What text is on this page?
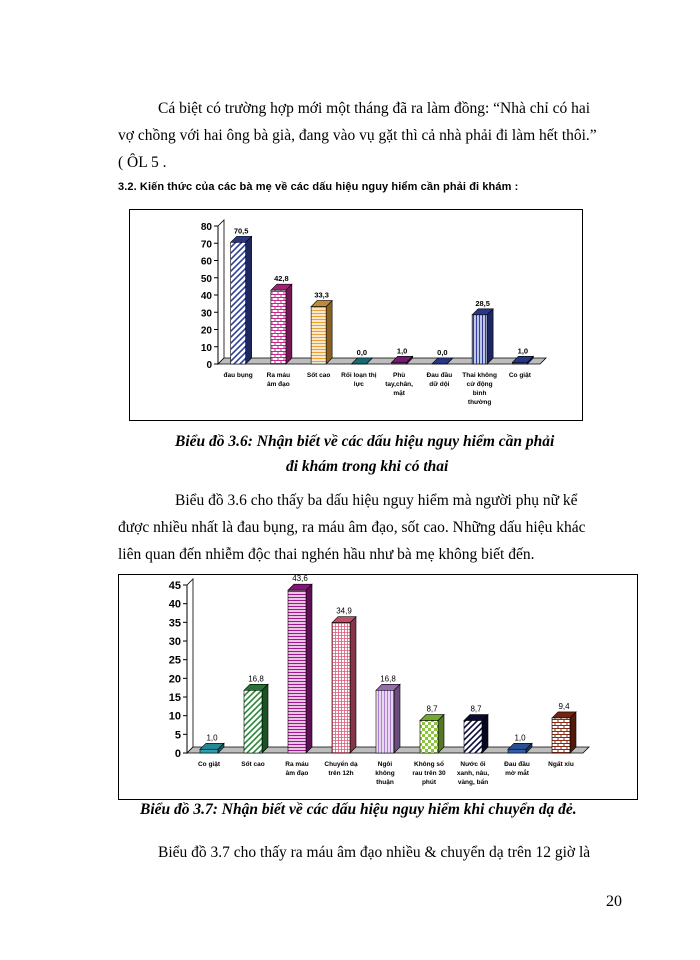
Cá biệt có trường hợp mới một tháng đã ra làm đồng: “Nhà chỉ có hai
vợ chồng với hai ông bà già, đang vào vụ gặt thì cả nhà phải đi làm hết thôi.”
( ÔL 5 .
3.2. Kiến thức của các bà mẹ về các dấu hiệu nguy hiểm cần phải đi khám :
0
10
20
30
40
50
60
70
80	70,5
đau bụng
42,8
Ra máu
âm đạo
33,3
Sốt cao
0,0
Rối loạn thị
lực
1,0
Phù
tay,chân,
mặt
0,0
Đau đầu
dữ dội
28,5
Thai không
cử động
bình
thường
1,0
Co giật
Biểu đồ 3.6: Nhận biết về các dấu hiệu nguy hiểm cần phải
đi khám trong khi có thai
Biểu đồ 3.6 cho thấy ba dấu hiệu nguy hiểm mà người phụ nữ kể
được nhiều nhất là đau bụng, ra máu âm đạo, sốt cao. Những dấu hiệu khác
liên quan đến nhiễm độc thai nghén hầu như bà mẹ không biết đến.
0
5
10
15
20
25
30
35
40
45
1,0
Co giật
16,8
Sốt cao
43,6
Ra máu
âm đạo
34,9
Chuyển dạ
trên 12h
16,8
Ngôi
không
thuận
8,7
Không sổ
rau trên 30
phút
8,7
Nước ối
xanh, nâu,
vàng, bẩn
1,0
Đau đầu
mờ mắt
9,4
Ngất xỉu
Biểu đồ 3.7: Nhận biết về các dấu hiệu nguy hiểm khi chuyển dạ đẻ.
Biểu đồ 3.7 cho thấy ra máu âm đạo nhiều & chuyển dạ trên 12 giờ là
20
